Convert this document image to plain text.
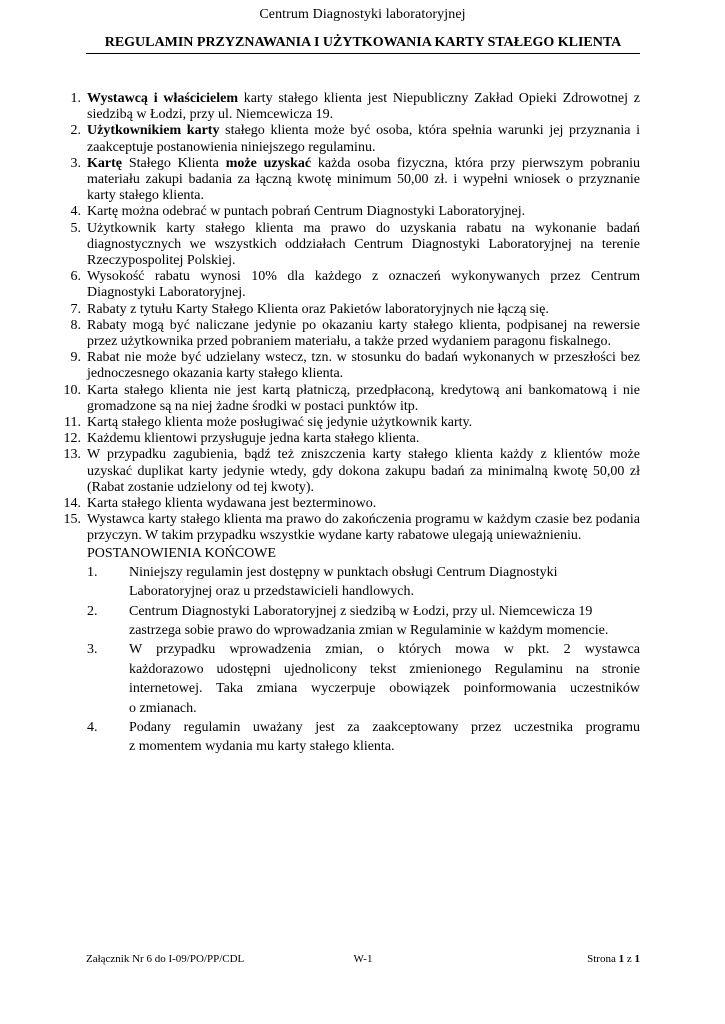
Centrum Diagnostyki laboratoryjnej
REGULAMIN PRZYZNAWANIA I UŻYTKOWANIA KARTY STAŁEGO KLIENTA
1. Wystawcą i właścicielem karty stałego klienta jest Niepubliczny Zakład Opieki Zdrowotnej z siedzibą w Łodzi, przy ul. Niemcewicza 19.
2. Użytkownikiem karty stałego klienta może być osoba, która spełnia warunki jej przyznania i zaakceptuje postanowienia niniejszego regulaminu.
3. Kartę Stałego Klienta może uzyskać każda osoba fizyczna, która przy pierwszym pobraniu materiału zakupi badania za łączną kwotę minimum 50,00 zł. i wypełni wniosek o przyznanie karty stałego klienta.
4. Kartę można odebrać w puntach pobrań Centrum Diagnostyki Laboratoryjnej.
5. Użytkownik karty stałego klienta ma prawo do uzyskania rabatu na wykonanie badań diagnostycznych we wszystkich oddziałach Centrum Diagnostyki Laboratoryjnej na terenie Rzeczypospolitej Polskiej.
6. Wysokość rabatu wynosi 10% dla każdego z oznaczeń wykonywanych przez Centrum Diagnostyki Laboratoryjnej.
7. Rabaty z tytułu Karty Stałego Klienta oraz Pakietów laboratoryjnych nie łączą się.
8. Rabaty mogą być naliczane jedynie po okazaniu karty stałego klienta, podpisanej na rewersie przez użytkownika przed pobraniem materiału, a także przed wydaniem paragonu fiskalnego.
9. Rabat nie może być udzielany wstecz, tzn. w stosunku do badań wykonanych w przeszłości bez jednoczesnego okazania karty stałego klienta.
10. Karta stałego klienta nie jest kartą płatniczą, przedpłaconą, kredytową ani bankomatową i nie gromadzone są na niej żadne środki w postaci punktów itp.
11. Kartą stałego klienta może posługiwać się jedynie użytkownik karty.
12. Każdemu klientowi przysługuje jedna karta stałego klienta.
13. W przypadku zagubienia, bądź też zniszczenia karty stałego klienta każdy z klientów może uzyskać duplikat karty jedynie wtedy, gdy dokona zakupu badań za minimalną kwotę 50,00 zł (Rabat zostanie udzielony od tej kwoty).
14. Karta stałego klienta wydawana jest bezterminowo.
15. Wystawca karty stałego klienta ma prawo do zakończenia programu w każdym czasie bez podania przyczyn. W takim przypadku wszystkie wydane karty rabatowe ulegają unieważnieniu.
POSTANOWIENIA KOŃCOWE
1.	Niniejszy regulamin jest dostępny w punktach obsługi Centrum Diagnostyki Laboratoryjnej oraz u przedstawicieli handlowych.
2.	Centrum Diagnostyki Laboratoryjnej z siedzibą w Łodzi, przy ul. Niemcewicza 19 zastrzega sobie prawo do wprowadzania zmian w Regulaminie w każdym momencie.
3.	W przypadku wprowadzenia zmian, o których mowa w pkt. 2 wystawca
każdorazowo udostępni ujednolicony tekst zmienionego Regulaminu na stronie internetowej. Taka zmiana wyczerpuje obowiązek poinformowania uczestników
o zmianach.
4.	Podany regulamin uważany jest za zaakceptowany przez uczestnika programu
z momentem wydania mu karty stałego klienta.
Załącznik Nr 6 do I-09/PO/PP/CDL	W-1	Strona 1 z 1
